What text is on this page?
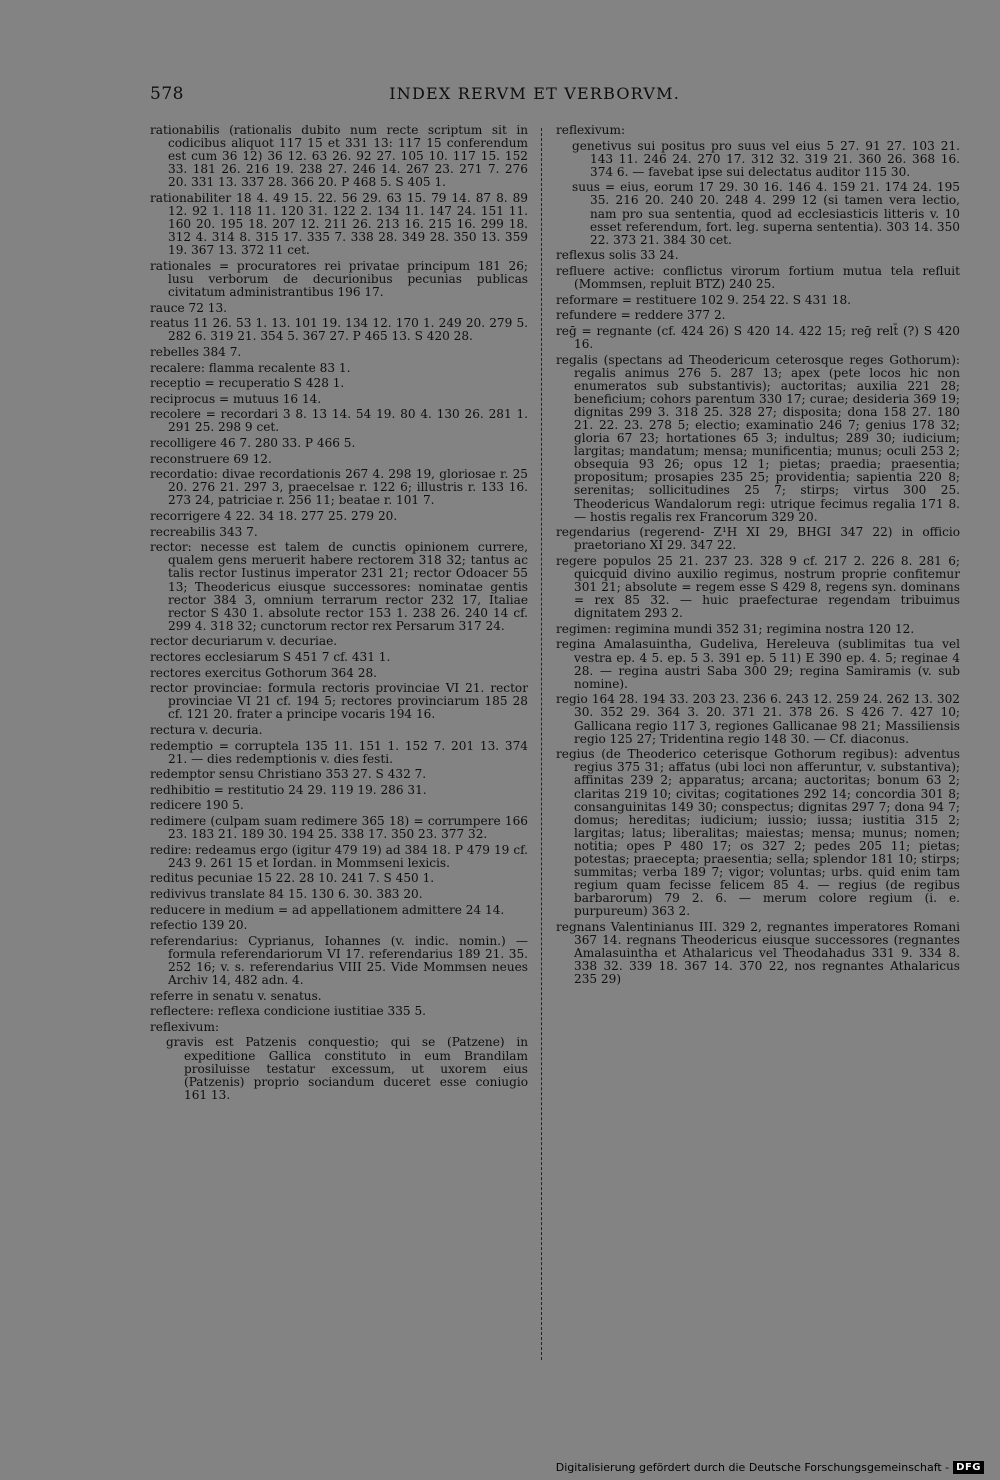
578	INDEX RERVM ET VERBORVM.

rationabilis (rationalis dubito num recte scriptum sit in codicibus aliquot 117 15 et 331 13: 117 15 conferendum est cum 36 12) 36 12. 63 26. 92 27. 105 10. 117 15. 152 33. 181 26. 216 19. 238 27. 246 14. 267 23. 271 7. 276 20. 331 13. 337 28. 366 20. P 468 5. S 405 1.

rationabiliter 18 4. 49 15. 22. 56 29. 63 15. 79 14. 87 8. 89 12. 92 1. 118 11. 120 31. 122 2. 134 11. 147 24. 151 11. 160 20. 195 18. 207 12. 211 26. 213 16. 215 16. 299 18. 312 4. 314 8. 315 17. 335 7. 338 28. 349 28. 350 13. 359 19. 367 13. 372 11 cet.

rationales = procuratores rei privatae principum 181 26; lusu verborum de decurionibus pecunias publicas civitatum administrantibus 196 17.

rauce 72 13.

reatus 11 26. 53 1. 13. 101 19. 134 12. 170 1. 249 20. 279 5. 282 6. 319 21. 354 5. 367 27. P 465 13. S 420 28.

rebelles 384 7.

recalere: flamma recalente 83 1.

receptio = recuperatio S 428 1.

reciprocus = mutuus 16 14.

recolere = recordari 3 8. 13 14. 54 19. 80 4. 130 26. 281 1. 291 25. 298 9 cet.

recolligere 46 7. 280 33. P 466 5.

reconstruere 69 12.

recordatio: divae recordationis 267 4. 298 19, gloriosae r. 25 20. 276 21. 297 3, praecelsae r. 122 6; illustris r. 133 16. 273 24, patriciae r. 256 11; beatae r. 101 7.

recorrigere 4 22. 34 18. 277 25. 279 20.

recreabilis 343 7.

rector: necesse est talem de cunctis opinionem currere, qualem gens meruerit habere rectorem 318 32; tantus ac talis rector Iustinus imperator 231 21; rector Odoacer 55 13; Theodericus eiusque successores: nominatae gentis rector 384 3, omnium terrarum rector 232 17, Italiae rector S 430 1. absolute rector 153 1. 238 26. 240 14 cf. 299 4. 318 32; cunctorum rector rex Persarum 317 24.

rector decuriarum v. decuriae.

rectores ecclesiarum S 451 7 cf. 431 1.

rectores exercitus Gothorum 364 28.

rector provinciae: formula rectoris provinciae VI 21. rector provinciae VI 21 cf. 194 5; rectores provinciarum 185 28 cf. 121 20. frater a principe vocaris 194 16.

rectura v. decuria.

redemptio = corruptela 135 11. 151 1. 152 7. 201 13. 374 21. — dies redemptionis v. dies festi.

redemptor sensu Christiano 353 27. S 432 7.

redhibitio = restitutio 24 29. 119 19. 286 31.

redicere 190 5.

redimere (culpam suam redimere 365 18) = corrumpere 166 23. 183 21. 189 30. 194 25. 338 17. 350 23. 377 32.

redire: redeamus ergo (igitur 479 19) ad 384 18. P 479 19 cf. 243 9. 261 15 et Iordan. in Mommseni lexicis.

reditus pecuniae 15 22. 28 10. 241 7. S 450 1.

redivivus translate 84 15. 130 6. 30. 383 20.

reducere in medium = ad appellationem admittere 24 14.

refectio 139 20.

referendarius: Cyprianus, Iohannes (v. indic. nomin.) — formula referendariorum VI 17. referendarius 189 21. 35. 252 16; v. s. referendarius VIII 25. Vide Mommsen neues Archiv 14, 482 adn. 4.

referre in senatu v. senatus.

reflectere: reflexa condicione iustitiae 335 5.

reflexivum:

gravis est Patzenis conquestio; qui se (Patzene) in expeditione Gallica constituto in eum Brandilam prosiluisse testatur excessum, ut uxorem eius (Patzenis) proprio sociandum duceret esse coniugio 161 13.

reflexivum:

genetivus sui positus pro suus vel eius 5 27. 91 27. 103 21. 143 11. 246 24. 270 17. 312 32. 319 21. 360 26. 368 16. 374 6. — favebat ipse sui delectatus auditor 115 30.

suus = eius, eorum 17 29. 30 16. 146 4. 159 21. 174 24. 195 35. 216 20. 240 20. 248 4. 299 12 (si tamen vera lectio, nam pro sua sententia, quod ad ecclesiasticis litteris v. 10 esset referendum, fort. leg. superna sententia). 303 14. 350 22. 373 21. 384 30 cet.

reflexus solis 33 24.

refluere active: conflictus virorum fortium mutua tela refluit (Mommsen, repluit BTZ) 240 25.

reformare = restituere 102 9. 254 22. S 431 18.

refundere = reddere 377 2.

reḡ = regnante (cf. 424 26) S 420 14. 422 15; reḡ relt̄ (?) S 420 16.

regalis (spectans ad Theodericum ceterosque reges Gothorum): regalis animus 276 5. 287 13; apex (pete locos hic non enumeratos sub substantivis); auctoritas; auxilia 221 28; beneficium; cohors parentum 330 17; curae; desideria 369 19; dignitas 299 3. 318 25. 328 27; disposita; dona 158 27. 180 21. 22. 23. 278 5; electio; examinatio 246 7; genius 178 32; gloria 67 23; hortationes 65 3; indultus; 289 30; iudicium; largitas; mandatum; mensa; munificentia; munus; oculi 253 2; obsequia 93 26; opus 12 1; pietas; praedia; praesentia; propositum; prosapies 235 25; providentia; sapientia 220 8; serenitas; sollicitudines 25 7; stirps; virtus 300 25. Theodericus Wandalorum regi: utrique fecimus regalia 171 8. — hostis regalis rex Francorum 329 20.

regendarius (regerend- Z¹H XI 29, BHGI 347 22) in officio praetoriano XI 29. 347 22.

regere populos 25 21. 237 23. 328 9 cf. 217 2. 226 8. 281 6; quicquid divino auxilio regimus, nostrum proprie confitemur 301 21; absolute = regem esse S 429 8, regens syn. dominans = rex 85 32. — huic praefecturae regendam tribuimus dignitatem 293 2.

regimen: regimina mundi 352 31; regimina nostra 120 12.

regina Amalasuintha, Gudeliva, Herelеuva (sublimitas tua vel vestra ep. 4 5. ep. 5 3. 391 ep. 5 11) E 390 ep. 4. 5; reginae 4 28. — regina austri Saba 300 29; regina Samiramis (v. sub nomine).

regio 164 28. 194 33. 203 23. 236 6. 243 12. 259 24. 262 13. 302 30. 352 29. 364 3. 20. 371 21. 378 26. S 426 7. 427 10; Gallicana regio 117 3, regiones Gallicanae 98 21; Massiliensis regio 125 27; Tridentina regio 148 30. — Cf. diaconus.

regius (de Theoderico ceterisque Gothorum regibus): adventus regius 375 31; affatus (ubi loci non afferuntur, v. substantiva); affinitas 239 2; apparatus; arcana; auctoritas; bonum 63 2; claritas 219 10; civitas; cogitationes 292 14; concordia 301 8; consanguinitas 149 30; conspectus; dignitas 297 7; dona 94 7; domus; hereditas; iudicium; iussio; iussa; iustitia 315 2; largitas; latus; liberalitas; maiestas; mensa; munus; nomen; notitia; opes P 480 17; os 327 2; pedes 205 11; pietas; potestas; praecepta; praesentia; sella; splendor 181 10; stirps; summitas; verba 189 7; vigor; voluntas; urbs. quid enim tam regium quam fecisse felicem 85 4. — regius (de regibus barbarorum) 79 2. 6. — merum colore regium (i. e. purpureum) 363 2.

regnans Valentinianus III. 329 2, regnantes imperatores Romani 367 14. regnans Theodericus eiusque successores (regnantes Amalasuintha et Athalaricus vel Theodahadus 331 9. 334 8. 338 32. 339 18. 367 14. 370 22, nos regnantes Athalaricus 235 29)

Digitalisierung gefördert durch die Deutsche Forschungsgemeinschaft - DFG
